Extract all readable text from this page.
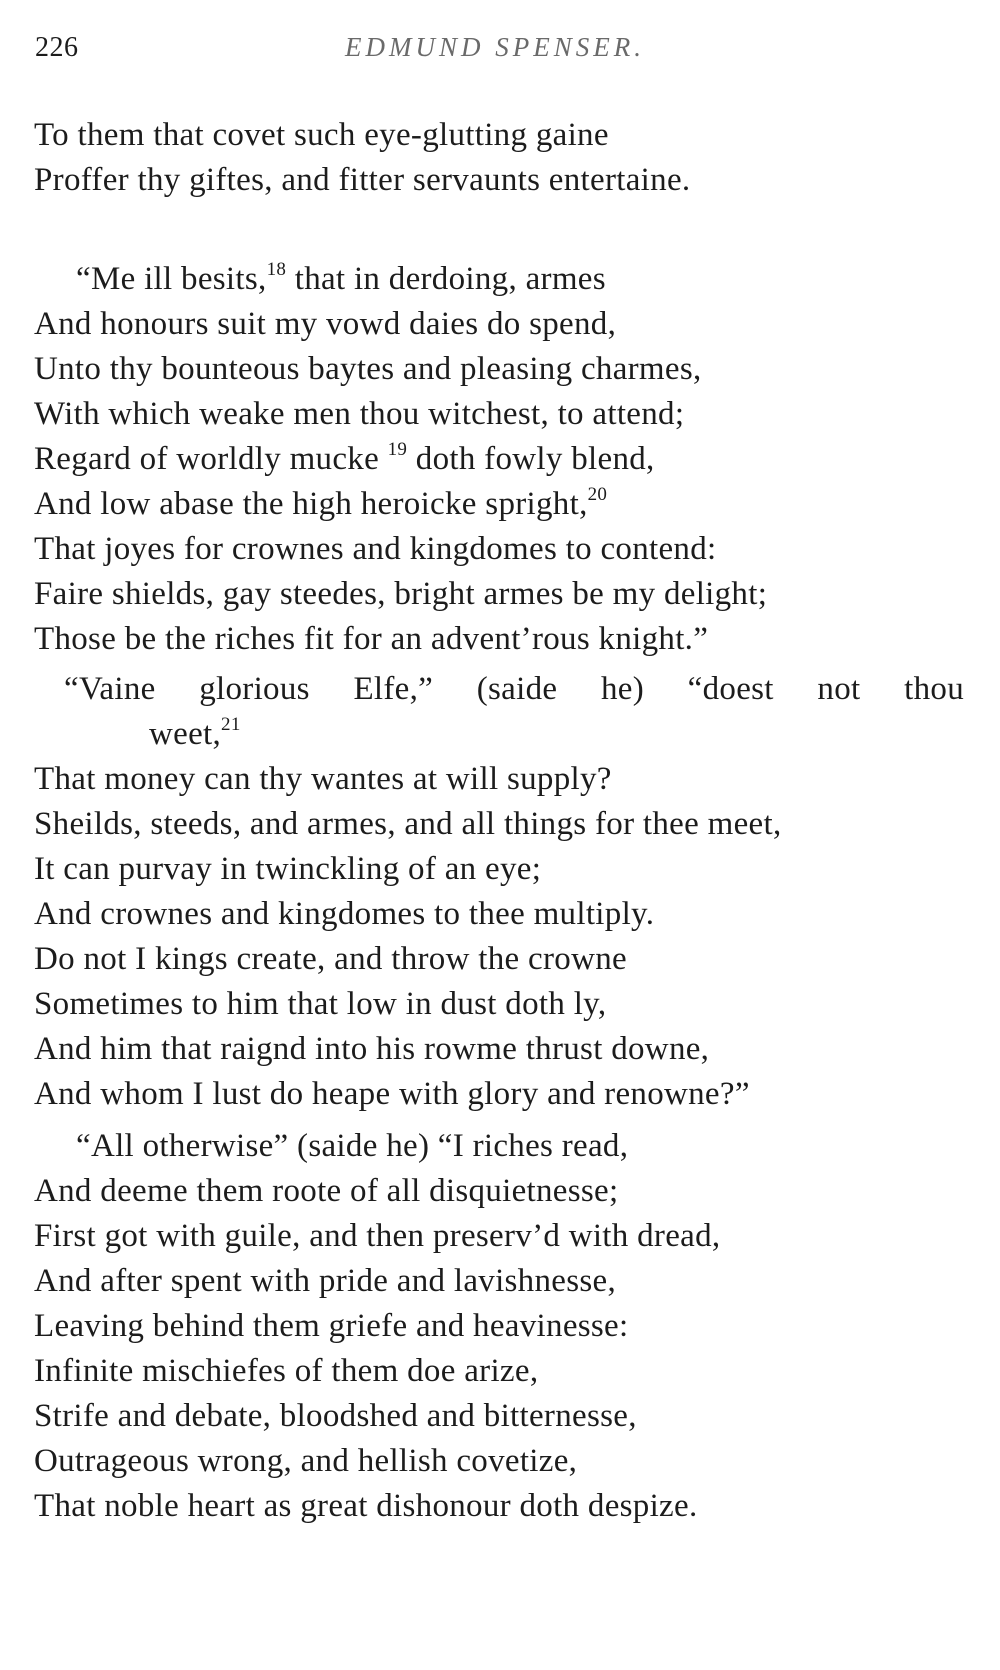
226	EDMUND SPENSER.
To them that covet such eye-glutting gaine
Proffer thy giftes, and fitter servaunts entertaine.
“Me ill besits,$^{18}$ that in derdoing, armes
And honours suit my vowd daies do spend,
Unto thy bounteous baytes and pleasing charmes,
With which weake men thou witchest, to attend;
Regard of worldly mucke $^{19}$ doth fowly blend,
And low abase the high heroicke spright,$^{20}$
That joyes for crownes and kingdomes to contend:
Faire shields, gay steedes, bright armes be my delight;
Those be the riches fit for an advent’rous knight.”
“Vaine glorious Elfe,” (saide he) “doest not thou
weet,$^{21}$
That money can thy wantes at will supply?
Sheilds, steeds, and armes, and all things for thee meet,
It can purvay in twinckling of an eye;
And crownes and kingdomes to thee multiply.
Do not I kings create, and throw the crowne
Sometimes to him that low in dust doth ly,
And him that raignd into his rowme thrust downe,
And whom I lust do heape with glory and renowne?”
“All otherwise” (saide he) “I riches read,
And deeme them roote of all disquietnesse;
First got with guile, and then preserv’d with dread,
And after spent with pride and lavishnesse,
Leaving behind them griefe and heavinesse:
Infinite mischiefes of them doe arize,
Strife and debate, bloodshed and bitternesse,
Outrageous wrong, and hellish covetize,
That noble heart as great dishonour doth despize.
